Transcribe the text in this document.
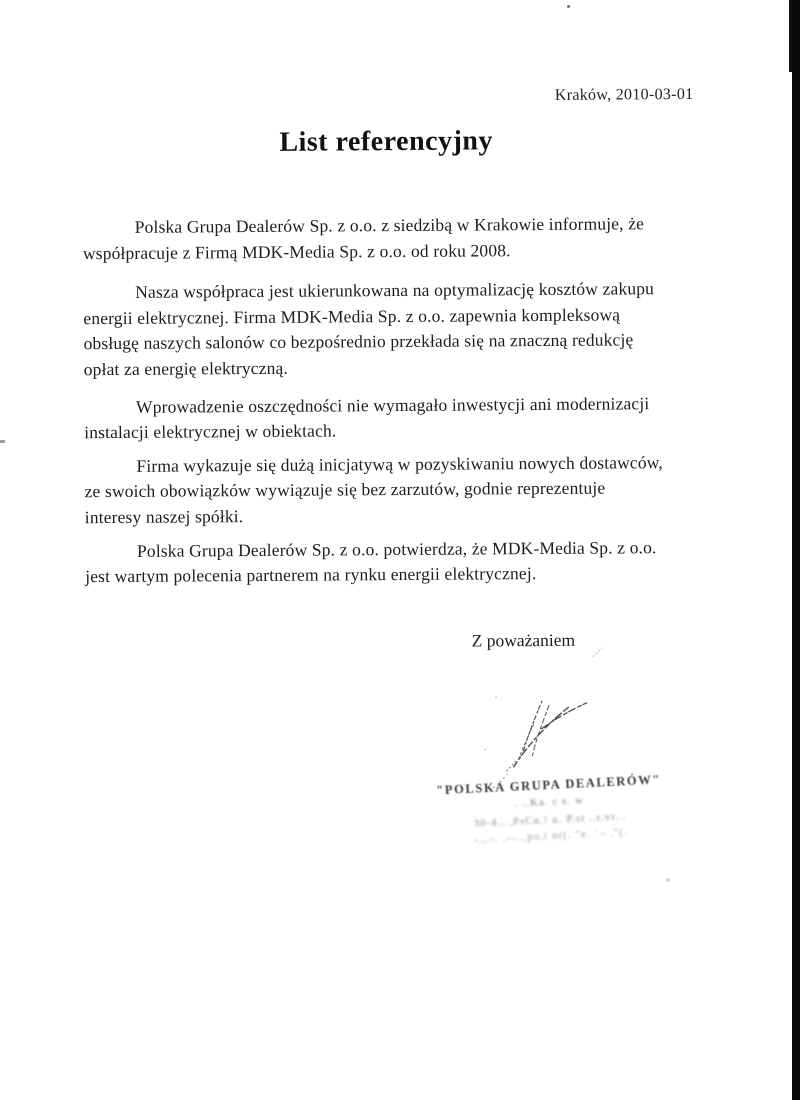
Kraków, 2010-03-01
List referencyjny

Polska Grupa Dealerów Sp. z o.o. z siedzibą w Krakowie informuje, że
współpracuje z Firmą MDK-Media Sp. z o.o. od roku 2008.

Nasza współpraca jest ukierunkowana na optymalizację kosztów zakupu
energii elektrycznej. Firma MDK-Media Sp. z o.o. zapewnia kompleksową
obsługę naszych salonów co bezpośrednio przekłada się na znaczną redukcję
opłat za energię elektryczną.

Wprowadzenie oszczędności nie wymagało inwestycji ani modernizacji
instalacji elektrycznej w obiektach.

Firma wykazuje się dużą inicjatywą w pozyskiwaniu nowych dostawców,
ze swoich obowiązków wywiązuje się bez zarzutów, godnie reprezentuje
interesy naszej spółki.

Polska Grupa Dealerów Sp. z o.o. potwierdza, że MDK-Media Sp. z o.o.
jest wartym polecenia partnerem na rynku energii elektrycznej.

Z poważaniem
"POLSKA GRUPA DEALERÓW"
. ..Ka. c s. w
30-4.. ,PsCu.! u. P.st ..r.vr. .
-.,.-. .--..,po.t nr(. "e. ' - ."(.
